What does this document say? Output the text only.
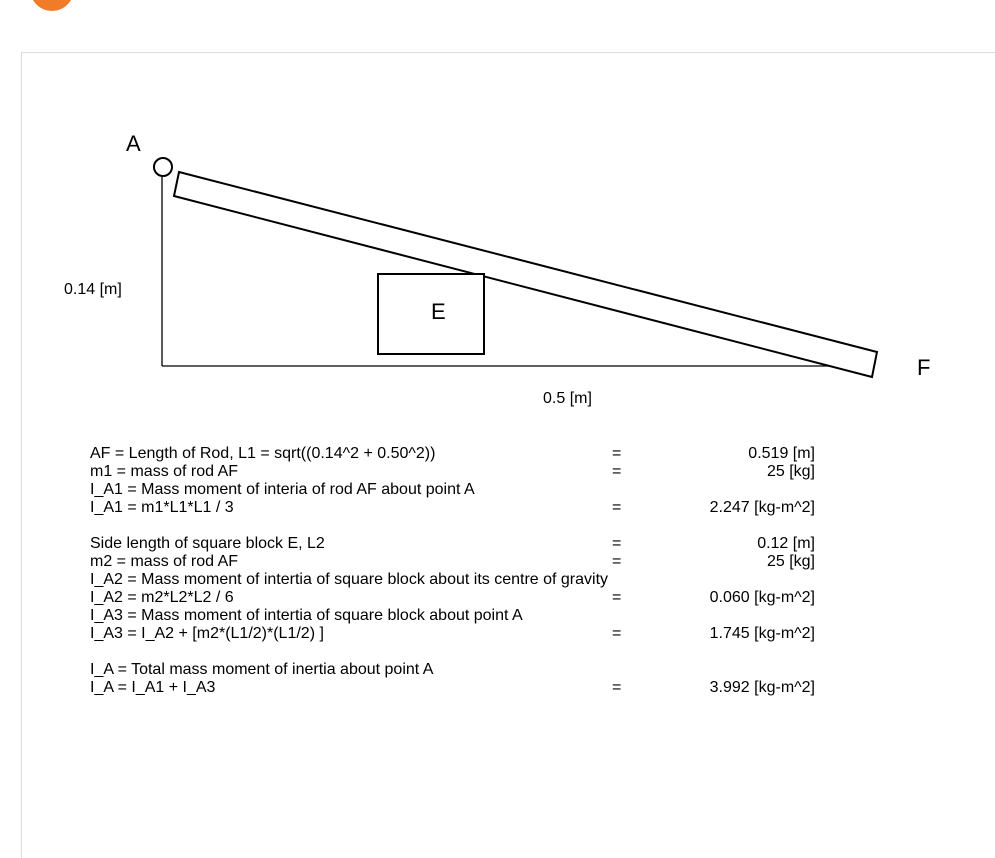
A
F
E
0.14 [m]
0.5 [m]
AF = Length of Rod, L1 = sqrt((0.14^2 + 0.50^2))	=	0.519 [m]
m1 = mass of rod AF	=	25 [kg]
I_A1 = Mass moment of interia of rod AF about point A
I_A1 = m1*L1*L1 / 3	=	2.247 [kg-m^2]
Side length of square block E, L2	=	0.12 [m]
m2 = mass of rod AF	=	25 [kg]
I_A2 = Mass moment of intertia of square block about its centre of gravity
I_A2 = m2*L2*L2 / 6	=	0.060 [kg-m^2]
I_A3 = Mass moment of intertia of square block about point A
I_A3 = I_A2 + [m2*(L1/2)*(L1/2) ]	=	1.745 [kg-m^2]
I_A = Total mass moment of inertia about point A
I_A = I_A1 + I_A3	=	3.992 [kg-m^2]
